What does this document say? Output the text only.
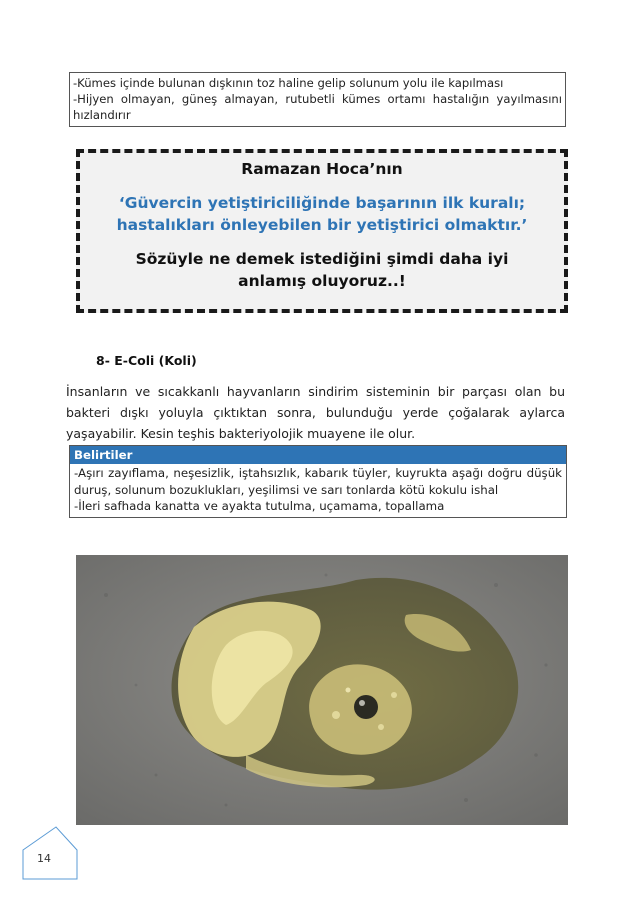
-Kümes içinde bulunan dışkının toz haline gelip solunum yolu ile kapılması

-Hijyen olmayan, güneş almayan, rutubetli kümes ortamı hastalığın yayılmasını hızlandırır

Ramazan Hoca’nın
‘Güvercin yetiştiriciliğinde başarının ilk kuralı; hastalıkları önleyebilen bir yetiştirici olmaktır.’
Sözüyle ne demek istediğini şimdi daha iyi anlamış oluyoruz..!
8- E-Coli (Koli)

İnsanların ve sıcakkanlı hayvanların sindirim sisteminin bir parçası olan bu bakteri dışkı yoluyla çıktıktan sonra, bulunduğu yerde çoğalarak aylarca yaşayabilir. Kesin teşhis bakteriyolojik muayene ile olur.

Belirtiler

-Aşırı zayıflama, neşesizlik, iştahsızlık, kabarık tüyler, kuyrukta aşağı doğru düşük duruş, solunum bozuklukları, yeşilimsi ve sarı tonlarda kötü kokulu ishal

-İleri safhada kanatta ve ayakta tutulma, uçamama, topallama

14
